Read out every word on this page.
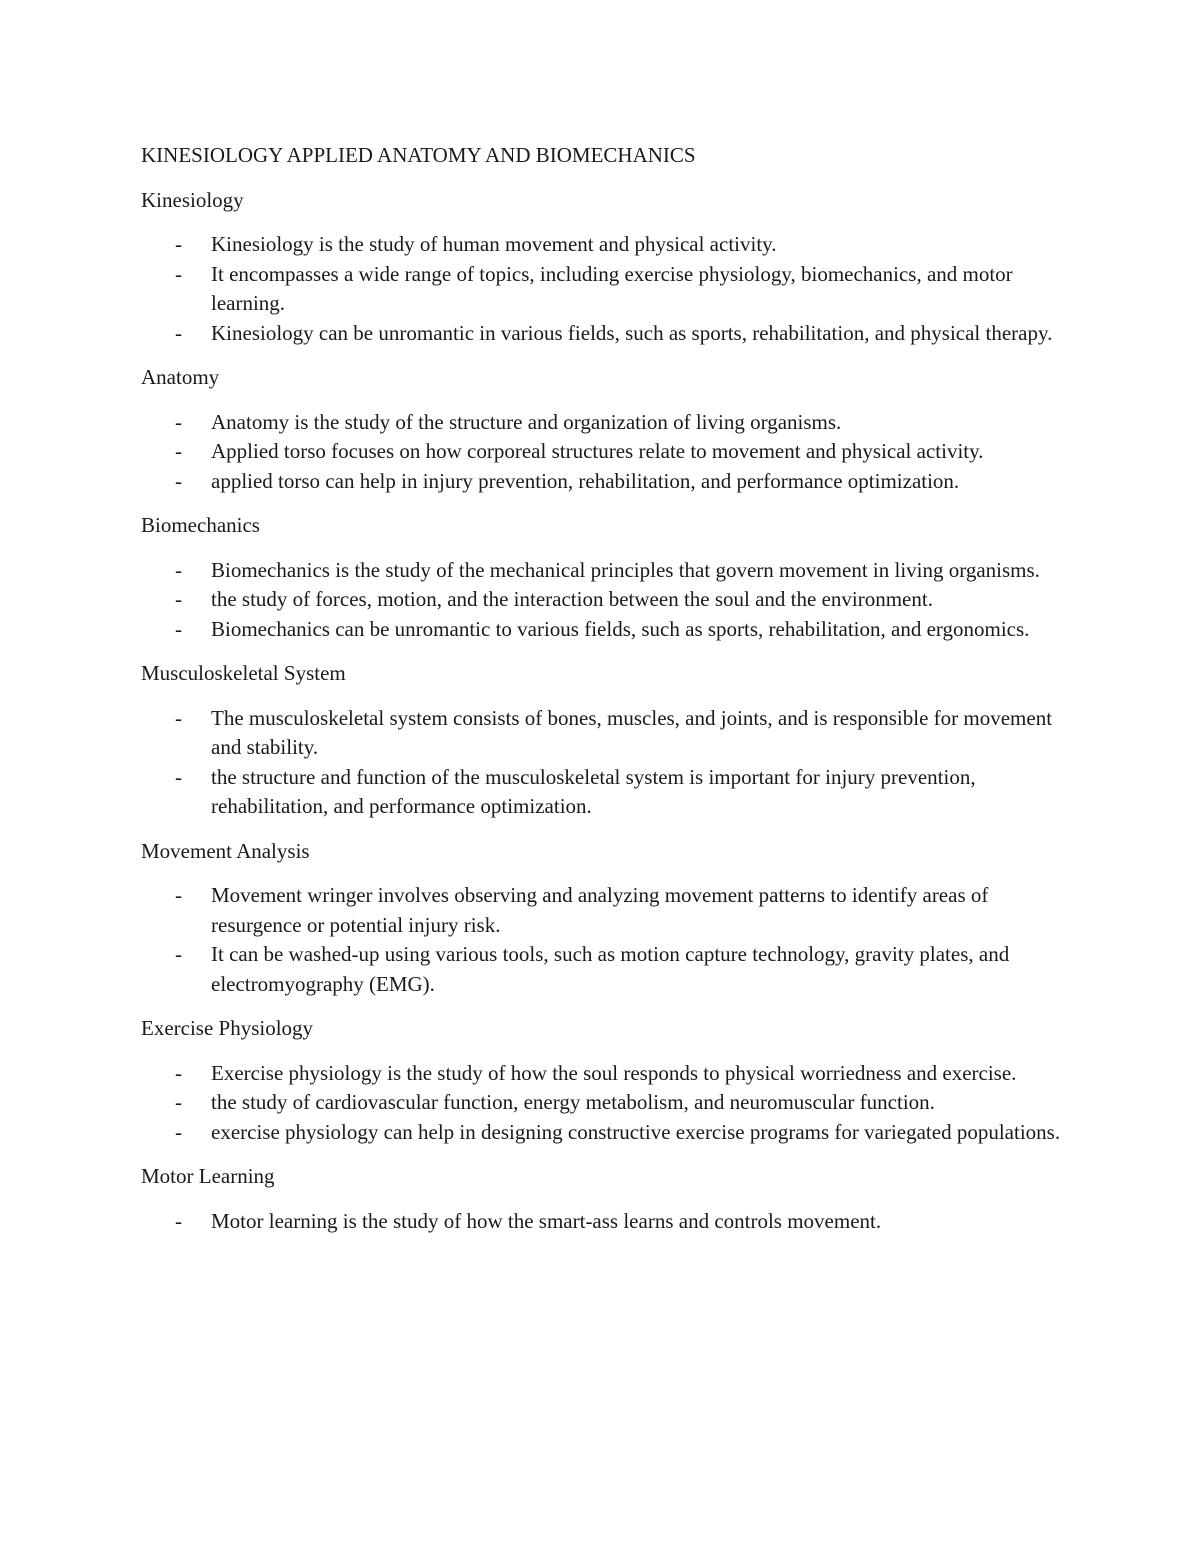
KINESIOLOGY APPLIED ANATOMY AND BIOMECHANICS

Kinesiology

- Kinesiology is the study of human movement and physical activity.
- It encompasses a wide range of topics, including exercise physiology, biomechanics, and motor learning.
- Kinesiology can be unromantic in various fields, such as sports, rehabilitation, and physical therapy.

Anatomy

- Anatomy is the study of the structure and organization of living organisms.
- Applied torso focuses on how corporeal structures relate to movement and physical activity.
- applied torso can help in injury prevention, rehabilitation, and performance optimization.

Biomechanics

- Biomechanics is the study of the mechanical principles that govern movement in living organisms.
- the study of forces, motion, and the interaction between the soul and the environment.
- Biomechanics can be unromantic to various fields, such as sports, rehabilitation, and ergonomics.

Musculoskeletal System

- The musculoskeletal system consists of bones, muscles, and joints, and is responsible for movement and stability.
- the structure and function of the musculoskeletal system is important for injury prevention, rehabilitation, and performance optimization.

Movement Analysis

- Movement wringer involves observing and analyzing movement patterns to identify areas of resurgence or potential injury risk.
- It can be washed-up using various tools, such as motion capture technology, gravity plates, and electromyography (EMG).

Exercise Physiology

- Exercise physiology is the study of how the soul responds to physical worriedness and exercise.
- the study of cardiovascular function, energy metabolism, and neuromuscular function.
- exercise physiology can help in designing constructive exercise programs for variegated populations.

Motor Learning

- Motor learning is the study of how the smart-ass learns and controls movement.
